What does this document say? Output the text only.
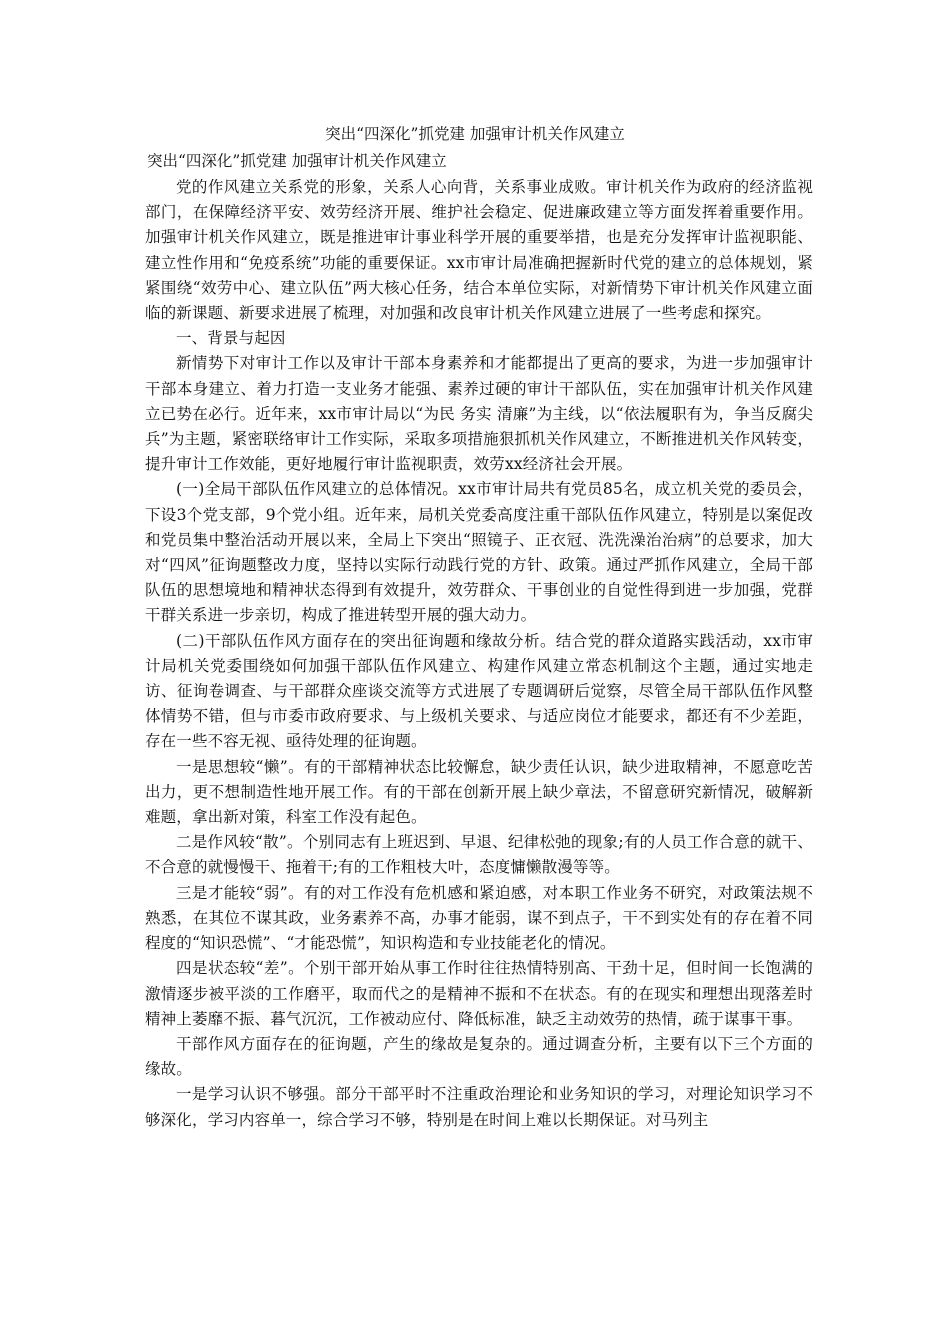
突出“四深化”抓党建 加强审计机关作风建立
突出“四深化”抓党建 加强审计机关作风建立

党的作风建立关系党的形象，关系人心向背，关系事业成败。审计机关作为政府的经济监视部门，在保障经济平安、效劳经济开展、维护社会稳定、促进廉政建立等方面发挥着重要作用。加强审计机关作风建立，既是推进审计事业科学开展的重要举措，也是充分发挥审计监视职能、建立性作用和“免疫系统”功能的重要保证。xx市审计局准确把握新时代党的建立的总体规划，紧紧围绕“效劳中心、建立队伍”两大核心任务，结合本单位实际，对新情势下审计机关作风建立面临的新课题、新要求进展了梳理，对加强和改良审计机关作风建立进展了一些考虑和探究。

一、背景与起因

新情势下对审计工作以及审计干部本身素养和才能都提出了更高的要求，为进一步加强审计干部本身建立、着力打造一支业务才能强、素养过硬的审计干部队伍，实在加强审计机关作风建立已势在必行。近年来，xx市审计局以“为民 务实 清廉”为主线，以“依法履职有为，争当反腐尖兵”为主题，紧密联络审计工作实际，采取多项措施狠抓机关作风建立，不断推进机关作风转变，提升审计工作效能，更好地履行审计监视职责，效劳xx经济社会开展。

(一)全局干部队伍作风建立的总体情况。xx市审计局共有党员85名，成立机关党的委员会，下设3个党支部，9个党小组。近年来，局机关党委高度注重干部队伍作风建立，特别是以案促改和党员集中整治活动开展以来，全局上下突出“照镜子、正衣冠、洗洗澡治治病”的总要求，加大对“四风”征询题整改力度，坚持以实际行动践行党的方针、政策。通过严抓作风建立，全局干部队伍的思想境地和精神状态得到有效提升，效劳群众、干事创业的自觉性得到进一步加强，党群干群关系进一步亲切，构成了推进转型开展的强大动力。

(二)干部队伍作风方面存在的突出征询题和缘故分析。结合党的群众道路实践活动，xx市审计局机关党委围绕如何加强干部队伍作风建立、构建作风建立常态机制这个主题，通过实地走访、征询卷调查、与干部群众座谈交流等方式进展了专题调研后觉察，尽管全局干部队伍作风整体情势不错，但与市委市政府要求、与上级机关要求、与适应岗位才能要求，都还有不少差距，存在一些不容无视、亟待处理的征询题。

一是思想较“懒”。有的干部精神状态比较懈怠，缺少责任认识，缺少进取精神，不愿意吃苦出力，更不想制造性地开展工作。有的干部在创新开展上缺少章法，不留意研究新情况，破解新难题，拿出新对策，科室工作没有起色。

二是作风较“散”。个别同志有上班迟到、早退、纪律松弛的现象;有的人员工作合意的就干、不合意的就慢慢干、拖着干;有的工作粗枝大叶，态度慵懒散漫等等。

三是才能较“弱”。有的对工作没有危机感和紧迫感，对本职工作业务不研究，对政策法规不熟悉，在其位不谋其政，业务素养不高，办事才能弱，谋不到点子，干不到实处有的存在着不同程度的“知识恐慌”、“才能恐慌”，知识构造和专业技能老化的情况。

四是状态较“差”。个别干部开始从事工作时往往热情特别高、干劲十足，但时间一长饱满的激情逐步被平淡的工作磨平，取而代之的是精神不振和不在状态。有的在现实和理想出现落差时精神上萎靡不振、暮气沉沉，工作被动应付、降低标准，缺乏主动效劳的热情，疏于谋事干事。

干部作风方面存在的征询题，产生的缘故是复杂的。通过调查分析，主要有以下三个方面的缘故。

一是学习认识不够强。部分干部平时不注重政治理论和业务知识的学习，对理论知识学习不够深化，学习内容单一，综合学习不够，特别是在时间上难以长期保证。对马列主
